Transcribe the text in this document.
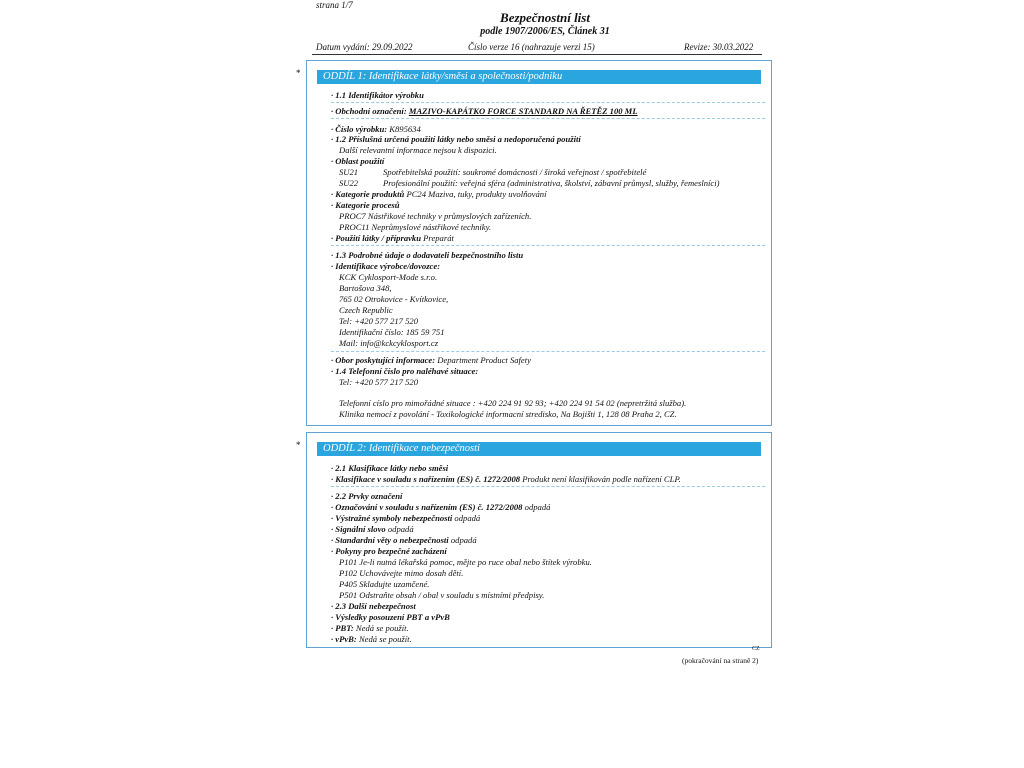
strana 1/7
Bezpečnostní list
podle 1907/2006/ES, Článek 31
Datum vydání: 29.09.2022	Číslo verze 16 (nahrazuje verzi 15)	Revize: 30.03.2022
*	ODDÍL 1: Identifikace látky/směsi a společnosti/podniku
· 1.1 Identifikátor výrobku
· Obchodní označení: MAZIVO-KAPÁTKO FORCE STANDARD NA ŘETĚZ 100 ML
· Číslo výrobku: K895634
· 1.2 Příslušná určená použití látky nebo směsi a nedoporučená použití
Další relevantní informace nejsou k dispozici.
· Oblast použití
SU21	Spotřebitelská použití: soukromé domácnosti / široká veřejnost / spotřebitelé
SU22	Profesionální použití: veřejná sféra (administrativa, školství, zábavní průmysl, služby, řemeslníci)
· Kategorie produktů PC24 Maziva, tuky, produkty uvolňování
· Kategorie procesů
PROC7 Nástřikové techniky v průmyslových zařízeních.
PROC11 Neprůmyslové nástřikové techniky.
· Použití látky / přípravku Preparát
· 1.3 Podrobné údaje o dodavateli bezpečnostního listu
· Identifikace výrobce/dovozce:
KCK Cyklosport-Mode s.r.o.
Bartošova 348,
765 02 Otrokovice - Kvítkovice,
Czech Republic
Tel: +420 577 217 520
Identifikační číslo: 185 59 751
Mail: info@kckcyklosport.cz
· Obor poskytující informace: Department Product Safety
· 1.4 Telefonní číslo pro naléhavé situace:
Tel: +420 577 217 520
Telefonní císlo pro mimořádné situace : +420 224 91 92 93; +420 224 91 54 02 (nepretržitá služba).
Klinika nemocí z povolání - Toxikologické informacní stredisko, Na Bojišti 1, 128 08 Praha 2, CZ.
*	ODDÍL 2: Identifikace nebezpečnosti
· 2.1 Klasifikace látky nebo směsi
· Klasifikace v souladu s nařízením (ES) č. 1272/2008 Produkt není klasifikován podle nařízení CLP.
· 2.2 Prvky označení
· Označování v souladu s nařízením (ES) č. 1272/2008 odpadá
· Výstražné symboly nebezpečnosti odpadá
· Signální slovo odpadá
· Standardní věty o nebezpečnosti odpadá
· Pokyny pro bezpečné zacházení
P101 Je-li nutná lékařská pomoc, mějte po ruce obal nebo štítek výrobku.
P102 Uchovávejte mimo dosah dětí.
P405 Skladujte uzamčené.
P501 Odstraňte obsah / obal v souladu s místními předpisy.
· 2.3 Další nebezpečnost
· Výsledky posouzení PBT a vPvB
· PBT: Nedá se použít.
· vPvB: Nedá se použít.
CZ
(pokračování na straně 2)
